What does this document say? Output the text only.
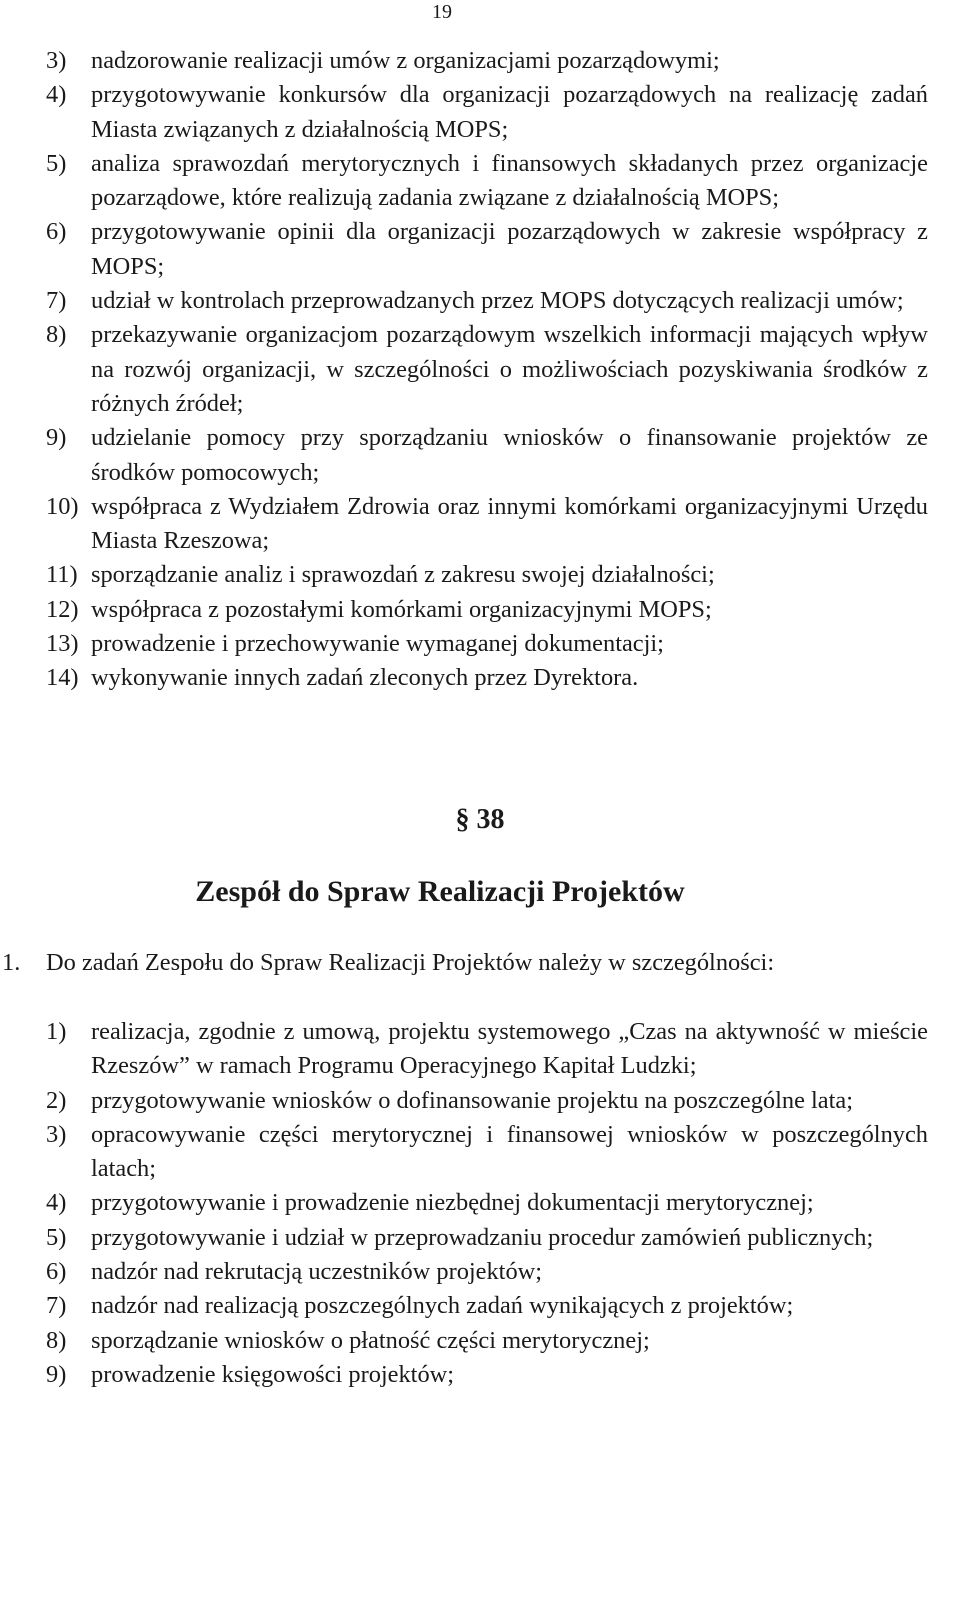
19
3)	nadzorowanie realizacji umów z organizacjami pozarządowymi;
4)	przygotowywanie konkursów dla organizacji pozarządowych na realizację zadań Miasta związanych z działalnością MOPS;
5)	analiza sprawozdań merytorycznych i finansowych składanych przez organizacje pozarządowe, które realizują zadania związane z działalnością MOPS;
6)	przygotowywanie opinii dla organizacji pozarządowych w zakresie współpracy z MOPS;
7)	udział w kontrolach przeprowadzanych przez MOPS dotyczących realizacji umów;
8)	przekazywanie organizacjom pozarządowym wszelkich informacji mających wpływ na rozwój organizacji, w szczególności o możliwościach pozyskiwania środków z różnych źródeł;
9)	udzielanie pomocy przy sporządzaniu wniosków o finansowanie projektów ze środków pomocowych;
10) współpraca z Wydziałem Zdrowia oraz innymi komórkami organizacyjnymi Urzędu Miasta Rzeszowa;
11) sporządzanie analiz i sprawozdań z zakresu swojej działalności;
12) współpraca z pozostałymi komórkami organizacyjnymi MOPS;
13) prowadzenie i przechowywanie wymaganej dokumentacji;
14) wykonywanie innych zadań zleconych przez Dyrektora.
§ 38
Zespół do Spraw Realizacji Projektów
1.	Do zadań Zespołu do Spraw Realizacji Projektów należy w szczególności:
1)	realizacja, zgodnie z umową, projektu systemowego „Czas na aktywność w mieście Rzeszów” w ramach Programu Operacyjnego Kapitał Ludzki;
2)	przygotowywanie wniosków o dofinansowanie projektu na poszczególne lata;
3)	opracowywanie części merytorycznej i finansowej wniosków w poszczególnych latach;
4)	przygotowywanie i prowadzenie niezbędnej dokumentacji merytorycznej;
5)	przygotowywanie i udział w przeprowadzaniu procedur zamówień publicznych;
6)	nadzór nad rekrutacją uczestników projektów;
7)	nadzór nad realizacją poszczególnych zadań wynikających z projektów;
8)	sporządzanie wniosków o płatność części merytorycznej;
9)	prowadzenie księgowości projektów;
